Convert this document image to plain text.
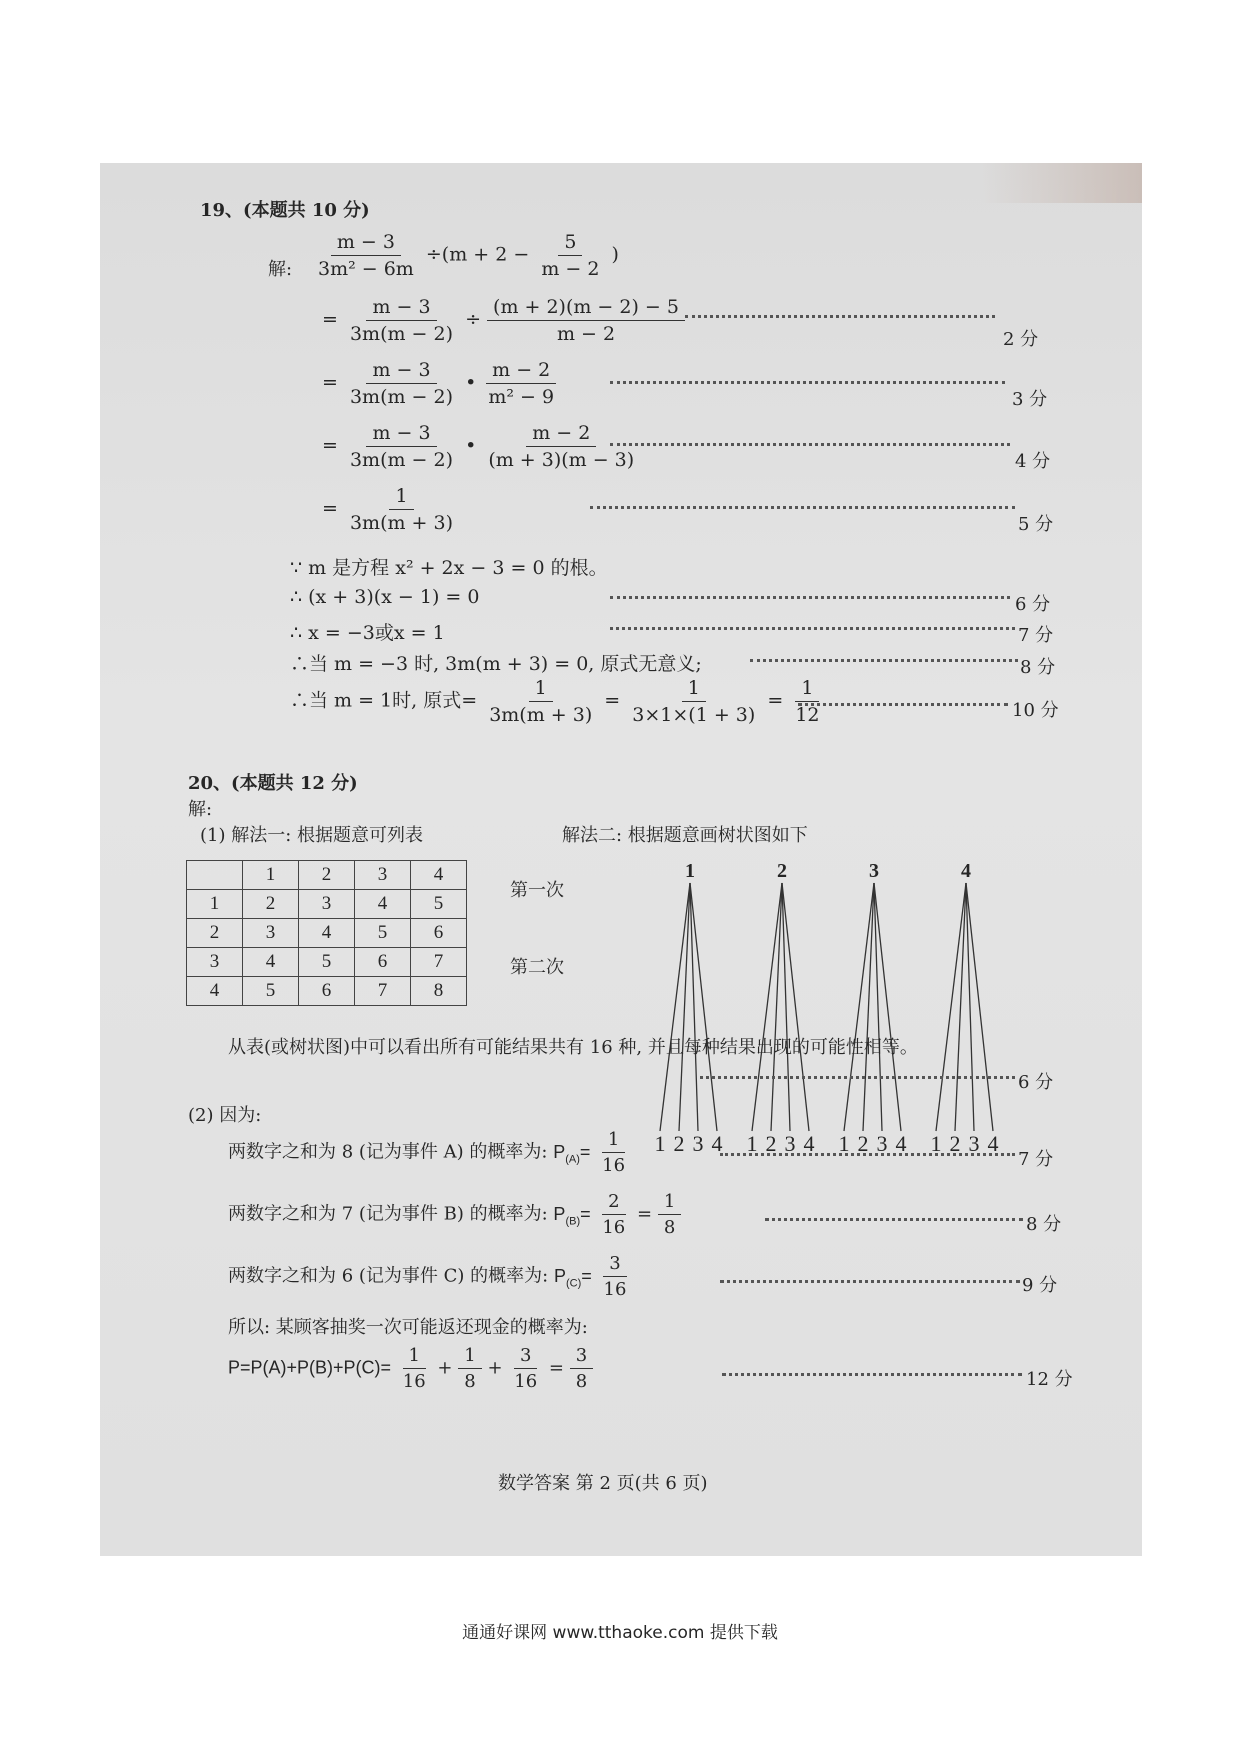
19、(本题共 10 分)
解: $\frac{m - 3}{\text{3m² − 6m}} \div(m + 2 - \frac{5}{m - 2}$ )
= $\frac{m - 3}{3m(m - 2)} \div \frac{(m + 2)(m - 2) - 5}{m - 2}$	2 分
= $\frac{m - 3}{3m(m - 2)}$ • $\frac{m - 2}{\text{m² − 9}}$	3 分
= $\frac{m - 3}{3m(m - 2)}$ • $\frac{m - 2}{(m + 3)(m - 3)}$	4 分
= $\frac{1}{3m(m + 3)}$	5 分
∵ m 是方程 x² + 2x − 3 = 0 的根。
∴ (x + 3)(x − 1) = 0	6 分
∴ x = −3或x = 1	7 分
∴当 m = −3 时, 3m(m + 3) = 0, 原式无意义;	8 分
∴当 m = 1时, 原式= $\frac{1}{3m(m + 3)} = \frac{1}{3\times 1\times(1 + 3)} = \frac{1}{12}$	10 分
20、(本题共 12 分)
解:
(1) 解法一: 根据题意可列表	解法二: 根据题意画树状图如下
	1	2	3	4
1	2	3	4	5
2	3	4	5	6
3	4	5	6	7
4	5	6	7	8
第一次
第二次
1
1 2 3 4
2
1 2 3 4
3
1 2 3 4
4
1 2 3 4
从表(或树状图)中可以看出所有可能结果共有 16 种, 并且每种结果出现的可能性相等。
6 分
(2) 因为:
两数字之和为 8 (记为事件 A) 的概率为: $P_{(A)}= \frac{1}{16}$	7 分
两数字之和为 7 (记为事件 B) 的概率为: $P_{(B)}= \frac{2}{16} = \frac{1}{8}$	8 分
两数字之和为 6 (记为事件 C) 的概率为: $P_{(C)}= \frac{3}{16}$	9 分
所以: 某顾客抽奖一次可能返还现金的概率为:
$P=P(A)+P(B)+P(C)= \frac{1}{16} + \frac{1}{8} + \frac{3}{16} = \frac{3}{8}$	12 分
数学答案 第 2 页(共 6 页)
通通好课网 www.tthaoke.com 提供下载
